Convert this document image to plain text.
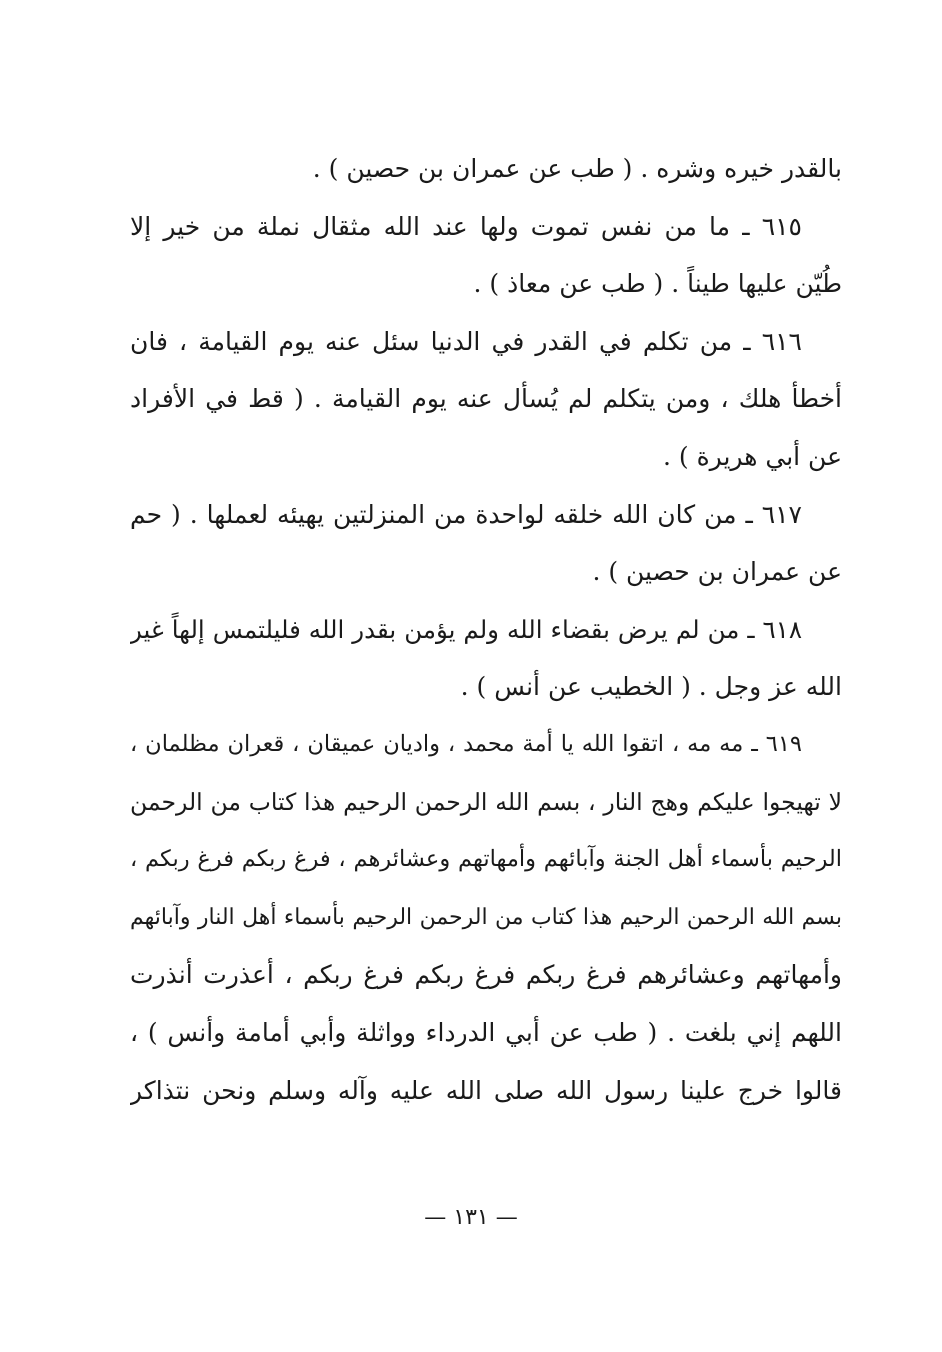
بالقدر خيره وشره . ( طب عن عمران بن حصين ) .
٦١٥ ـ ما من نفس تموت ولها عند الله مثقال نملة من خير إلا
طُيّن عليها طيناً . ( طب عن معاذ ) .
٦١٦ ـ من تكلم في القدر في الدنيا سئل عنه يوم القيامة ، فان
أخطأ هلك ، ومن يتكلم لم يُسأل عنه يوم القيامة . ( قط في الأفراد
عن أبي هريرة ) .
٦١٧ ـ من كان الله خلقه لواحدة من المنزلتين يهيئه لعملها . ( حم
عن عمران بن حصين ) .
٦١٨ ـ من لم يرض بقضاء الله ولم يؤمن بقدر الله فليلتمس إلهاً غير
الله عز وجل . ( الخطيب عن أنس ) .
٦١٩ ـ مه مه ، اتقوا الله يا أمة محمد ، واديان عميقان ، قعران مظلمان ،
لا تهيجوا عليكم وهج النار ، بسم الله الرحمن الرحيم هذا كتاب من الرحمن
الرحيم بأسماء أهل الجنة وآبائهم وأمهاتهم وعشائرهم ، فرغ ربكم فرغ ربكم ،
بسم الله الرحمن الرحيم هذا كتاب من الرحمن الرحيم بأسماء أهل النار وآبائهم
وأمهاتهم وعشائرهم فرغ ربكم فرغ ربكم فرغ ربكم ، أعذرت أنذرت
اللهم إني بلغت . ( طب عن أبي الدرداء وواثلة وأبي أمامة وأنس ) ،
قالوا خرج علينا رسول الله صلى الله عليه وآله وسلم ونحن نتذاكر
— ١٣١ —
